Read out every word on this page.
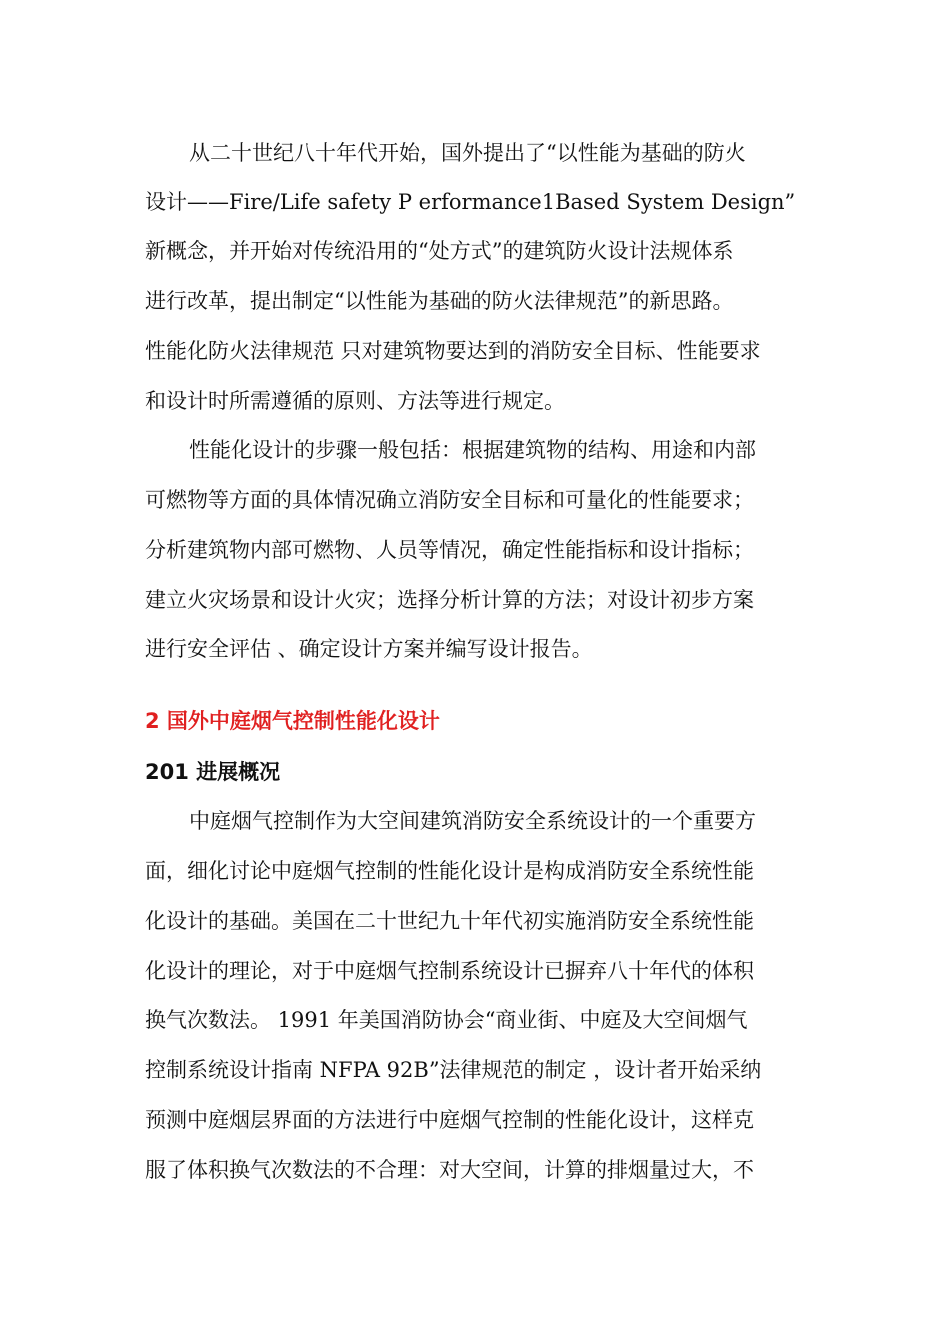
从二十世纪八十年代开始，国外提出了“以性能为基础的防火
设计——Fire/Life safety P erformance1Based System Design”
新概念，并开始对传统沿用的“处方式”的建筑防火设计法规体系
进行改革，提出制定“以性能为基础的防火法律规范”的新思路。
性能化防火法律规范 只对建筑物要达到的消防安全目标、性能要求
和设计时所需遵循的原则、方法等进行规定。
性能化设计的步骤一般包括：根据建筑物的结构、用途和内部
可燃物等方面的具体情况确立消防安全目标和可量化的性能要求；
分析建筑物内部可燃物、人员等情况，确定性能指标和设计指标；
建立火灾场景和设计火灾；选择分析计算的方法；对设计初步方案
进行安全评估 、确定设计方案并编写设计报告。
2 国外中庭烟气控制性能化设计
201 进展概况
中庭烟气控制作为大空间建筑消防安全系统设计的一个重要方
面，细化讨论中庭烟气控制的性能化设计是构成消防安全系统性能
化设计的基础。美国在二十世纪九十年代初实施消防安全系统性能
化设计的理论，对于中庭烟气控制系统设计已摒弃八十年代的体积
换气次数法。 1991 年美国消防协会“商业街、中庭及大空间烟气
控制系统设计指南 NFPA 92B”法律规范的制定 ，设计者开始采纳
预测中庭烟层界面的方法进行中庭烟气控制的性能化设计，这样克
服了体积换气次数法的不合理：对大空间，计算的排烟量过大，不
